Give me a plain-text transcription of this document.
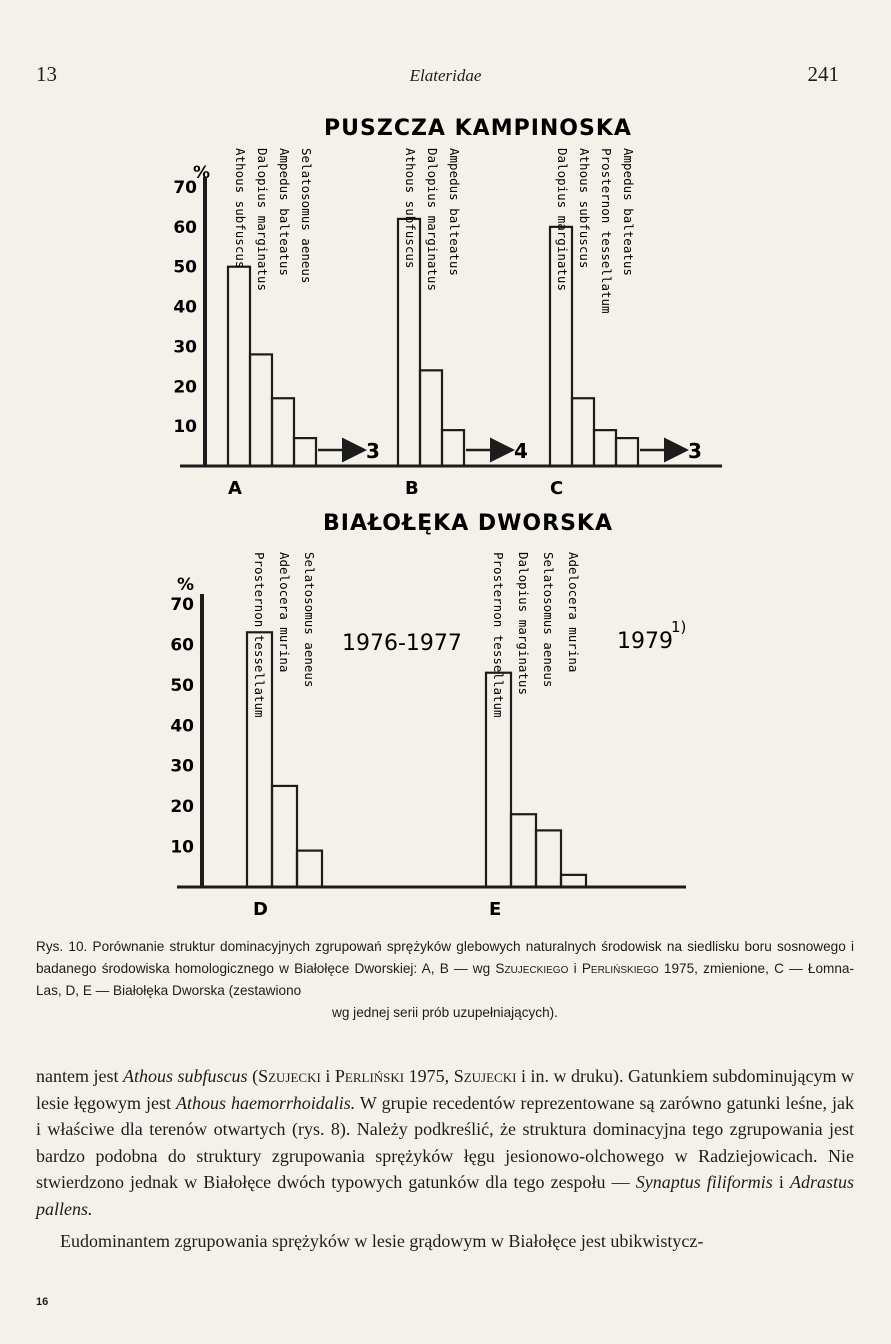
13	Elateridae	241
PUSZCZA KAMPINOSKA
BIAŁOŁĘKA DWORSKA
%
%
1976-1977	1979
1)
10
20
30
40
50
60
70	Athous subfuscus Dalopius marginatus Ampedus balteatus Selatosomus aeneus
3
A
Athous subfuscus Dalopius marginatus Ampedus balteatus
4
B
Dalopius marginatus Athous subfuscus Prosternon tessellatum Ampedus balteatus
3
C
10
20
30
40
50
60
70	Prosternon tessellatum Adelocera murina Selatosomus aeneus
D
Prosternon tessellatum Dalopius marginatus Selatosomus aeneus Adelocera murina
E
Rys. 10. Porównanie struktur dominacyjnych zgrupowań sprężyków glebowych naturalnych środowisk na siedlisku boru sosnowego i badanego środowiska homologicznego w Białołęce Dworskiej: A, B — wg Szujeckiego i Perlińskiego 1975, zmienione, C — Łomna-Las, D, E — Białołęka Dworska (zestawiono
wg jednej serii prób uzupełniających).

nantem jest Athous subfuscus (Szujecki i Perliński 1975, Szujecki i in. w druku). Gatunkiem subdominującym w lesie łęgowym jest Athous haemorrhoidalis. W grupie recedentów reprezentowane są zarówno gatunki leśne, jak i właściwe dla terenów otwartych (rys. 8). Należy podkreślić, że struktura dominacyjna tego zgrupowania jest bardzo podobna do struktury zgrupowania sprężyków łęgu jesionowo-olchowego w Radziejowicach. Nie stwierdzono jednak w Białołęce dwóch typowych gatunków dla tego zespołu — Synaptus filiformis i Adrastus pallens.

Eudominantem zgrupowania sprężyków w lesie grądowym w Białołęce jest ubikwistycz-

16
